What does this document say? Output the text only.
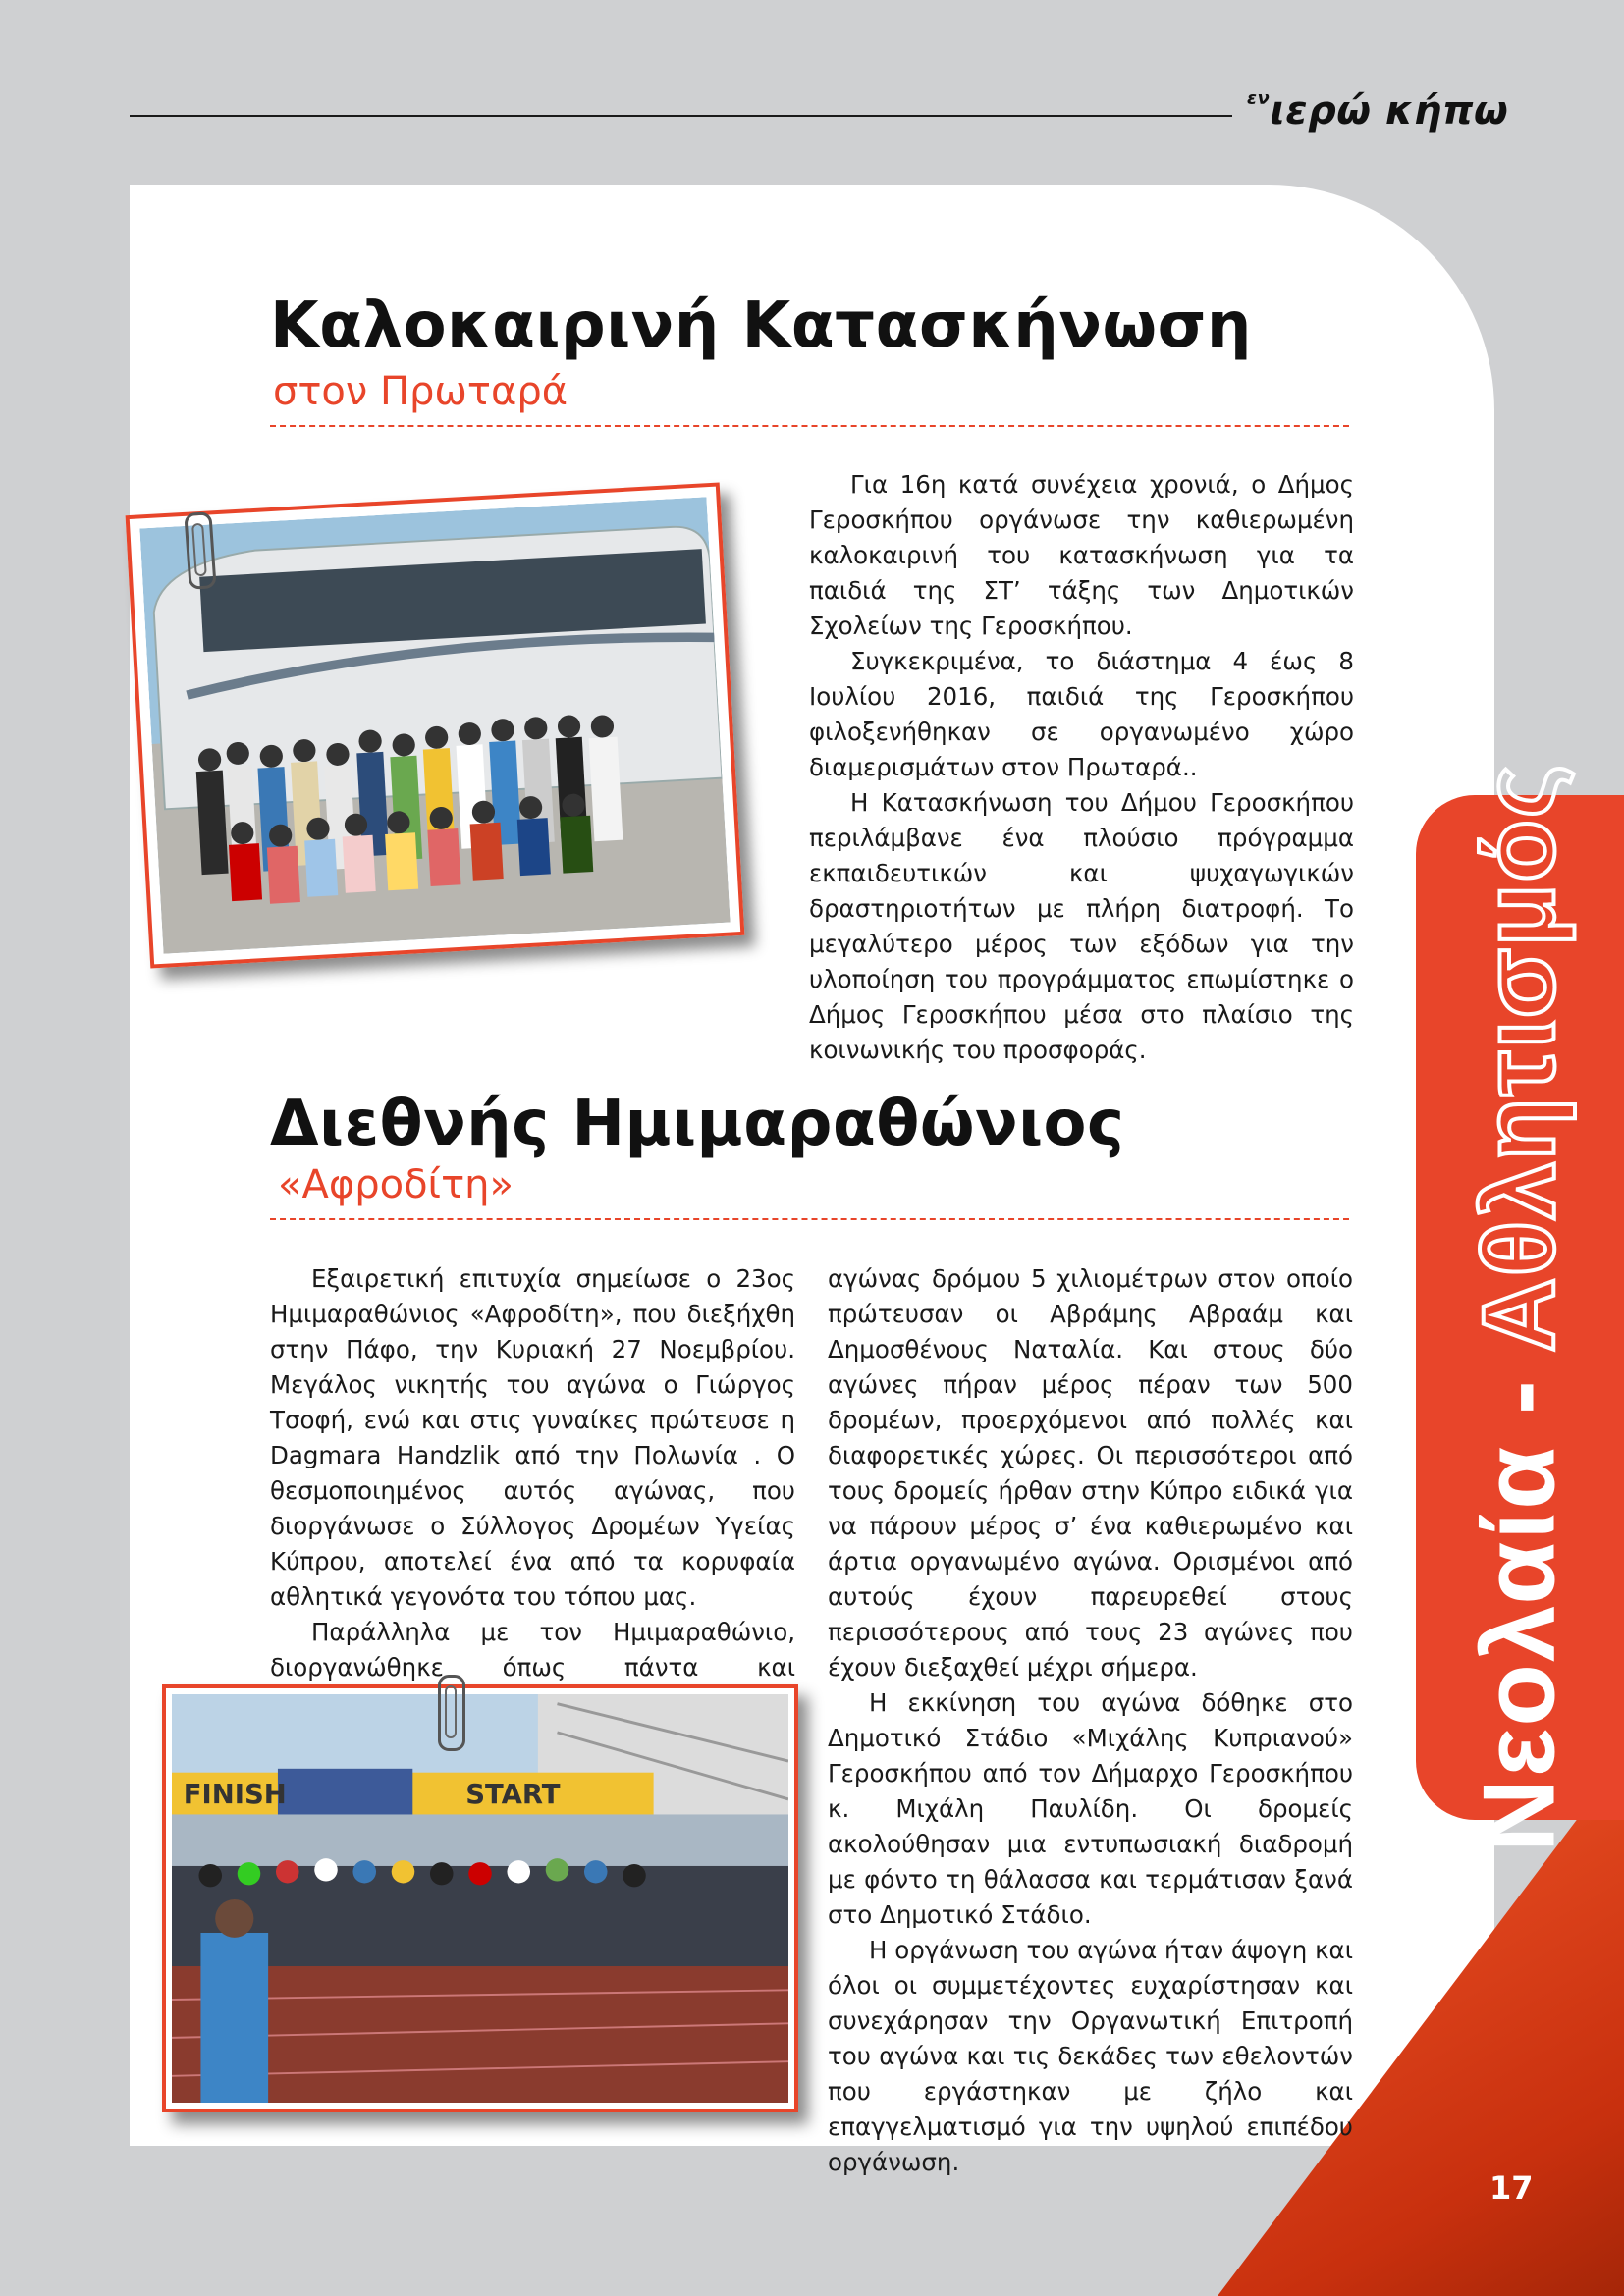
$^{\varepsilon\nu}$ιερώ κήπω
17
Νεολαία - Αθλητισμός
Καλοκαιρινή Κατασκήνωση
στον Πρωταρά

Για 16η κατά συνέχεια χρονιά, ο Δήμος Γεροσκήπου οργάνωσε την καθιερωμένη καλοκαιρινή του κατασκήνωση για τα παιδιά της ΣΤ’ τάξης των Δημοτικών Σχολείων της Γεροσκήπου.

Συγκεκριμένα, το διάστημα 4 έως 8 Ιουλίου 2016, παιδιά της Γεροσκήπου φιλοξενήθηκαν σε οργανωμένο χώρο διαμερισμάτων στον Πρωταρά..

Η Κατασκήνωση του Δήμου Γεροσκήπου περιλάμβανε ένα πλούσιο πρόγραμμα εκπαιδευτικών και ψυχαγωγικών δραστηριοτήτων με πλήρη διατροφή. Το μεγαλύτερο μέρος των εξόδων για την υλοποίηση του προγράμματος επωμίστηκε ο Δήμος Γεροσκήπου μέσα στο πλαίσιο της κοινωνικής του προσφοράς.

Διεθνής Ημιμαραθώνιος
«Αφροδίτη»

Εξαιρετική επιτυχία σημείωσε ο 23ος Ημιμαραθώνιος «Αφροδίτη», που διεξήχθη στην Πάφο, την Κυριακή 27 Νοεμβρίου. Μεγάλος νικητής του αγώνα ο Γιώργος Τσοφή, ενώ και στις γυναίκες πρώτευσε η Dagmara Handzlik από την Πολωνία . Ο θεσμοποιημένος αυτός αγώνας, που διοργάνωσε ο Σύλλογος Δρομέων Υγείας Κύπρου, αποτελεί ένα από τα κορυφαία αθλητικά γεγονότα του τόπου μας.

Παράλληλα με τον Ημιμαραθώνιο, διοργανώθηκε όπως πάντα και

αγώνας δρόμου 5 χιλιομέτρων στον οποίο πρώτευσαν οι Αβράμης Αβραάμ και Δημοσθένους Ναταλία. Και στους δύο αγώνες πήραν μέρος πέραν των 500 δρομέων, προερχόμενοι από πολλές και διαφορετικές χώρες. Οι περισσότεροι από τους δρομείς ήρθαν στην Κύπρο ειδικά για να πάρουν μέρος σ’ ένα καθιερωμένο και άρτια οργανωμένο αγώνα. Ορισμένοι από αυτούς έχουν παρευρεθεί στους περισσότερους από τους 23 αγώνες που έχουν διεξαχθεί μέχρι σήμερα.

Η εκκίνηση του αγώνα δόθηκε στο Δημοτικό Στάδιο «Μιχάλης Κυπριανού» Γεροσκήπου από τον Δήμαρχο Γεροσκήπου κ. Μιχάλη Παυλίδη. Οι δρομείς ακολούθησαν μια εντυπωσιακή διαδρομή με φόντο τη θάλασσα και τερμάτισαν ξανά στο Δημοτικό Στάδιο.

Η οργάνωση του αγώνα ήταν άψογη και όλοι οι συμμετέχοντες ευχαρίστησαν και συνεχάρησαν την Οργανωτική Επιτροπή του αγώνα και τις δεκάδες των εθελοντών που εργάστηκαν με ζήλο και επαγγελματισμό για την υψηλού επιπέδου οργάνωση.

FINISH	START
